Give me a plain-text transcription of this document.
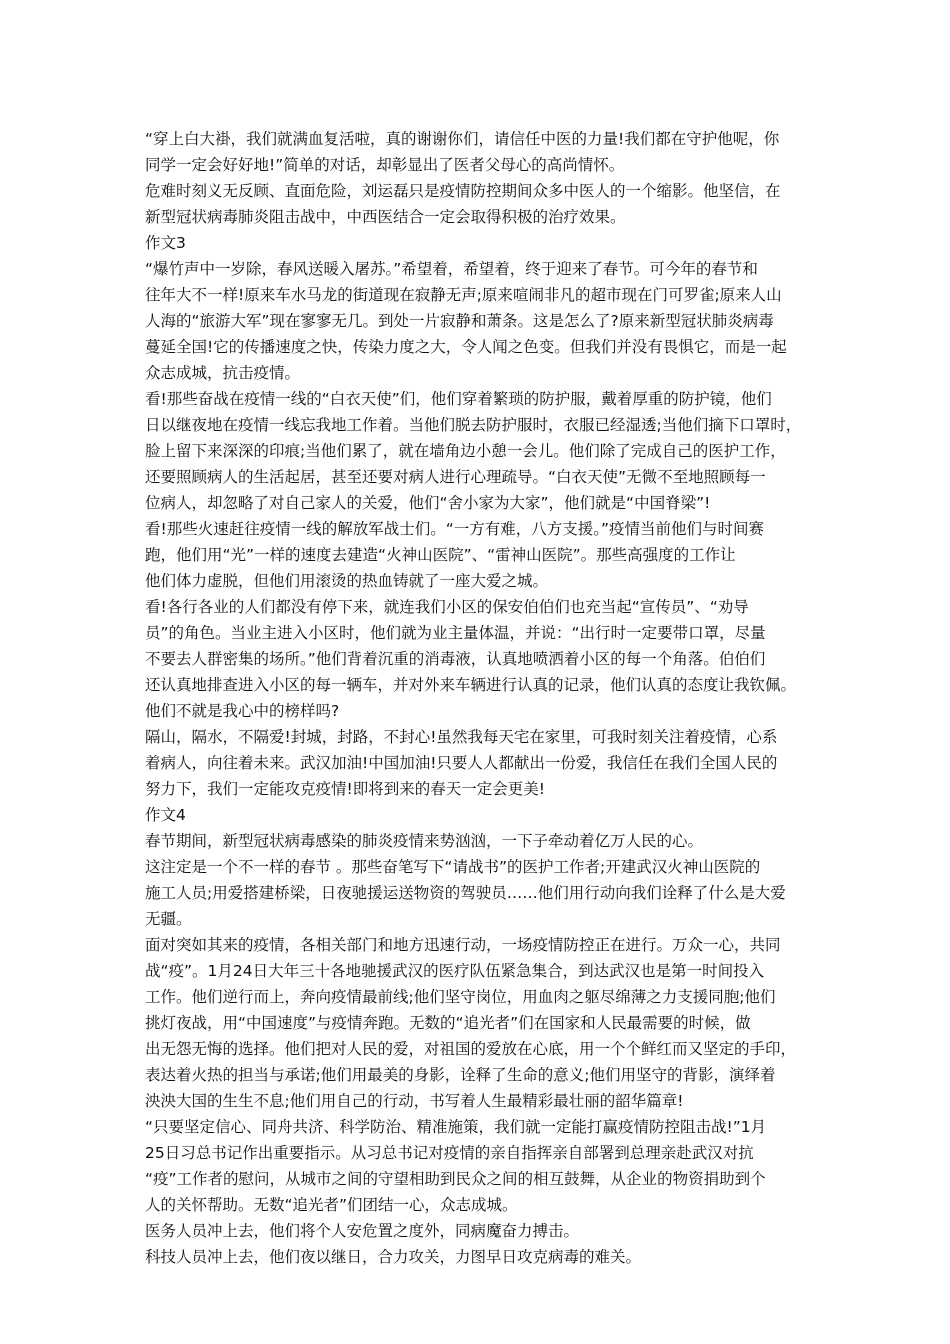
“穿上白大褂，我们就满血复活啦，真的谢谢你们，请信任中医的力量!我们都在守护他呢，你
同学一定会好好地!”简单的对话，却彰显出了医者父母心的高尚情怀。
危难时刻义无反顾、直面危险，刘运磊只是疫情防控期间众多中医人的一个缩影。他坚信，在
新型冠状病毒肺炎阻击战中，中西医结合一定会取得积极的治疗效果。
作文3
“爆竹声中一岁除，春风送暖入屠苏。”希望着，希望着，终于迎来了春节。可今年的春节和
往年大不一样!原来车水马龙的街道现在寂静无声;原来喧闹非凡的超市现在门可罗雀;原来人山
人海的“旅游大军”现在寥寥无几。到处一片寂静和萧条。这是怎么了?原来新型冠状肺炎病毒
蔓延全国!它的传播速度之快，传染力度之大，令人闻之色变。但我们并没有畏惧它，而是一起
众志成城，抗击疫情。
看!那些奋战在疫情一线的“白衣天使”们，他们穿着繁琐的防护服，戴着厚重的防护镜，他们
日以继夜地在疫情一线忘我地工作着。当他们脱去防护服时，衣服已经湿透;当他们摘下口罩时，
脸上留下来深深的印痕;当他们累了，就在墙角边小憩一会儿。他们除了完成自己的医护工作，
还要照顾病人的生活起居，甚至还要对病人进行心理疏导。“白衣天使”无微不至地照顾每一
位病人，却忽略了对自己家人的关爱，他们“舍小家为大家”，他们就是“中国脊梁”!
看!那些火速赶往疫情一线的解放军战士们。“一方有难，八方支援。”疫情当前他们与时间赛
跑，他们用“光”一样的速度去建造“火神山医院”、“雷神山医院”。那些高强度的工作让
他们体力虚脱，但他们用滚烫的热血铸就了一座大爱之城。
看!各行各业的人们都没有停下来，就连我们小区的保安伯伯们也充当起“宣传员”、“劝导
员”的角色。当业主进入小区时，他们就为业主量体温，并说：“出行时一定要带口罩，尽量
不要去人群密集的场所。”他们背着沉重的消毒液，认真地喷洒着小区的每一个角落。伯伯们
还认真地排查进入小区的每一辆车，并对外来车辆进行认真的记录，他们认真的态度让我钦佩。
他们不就是我心中的榜样吗?
隔山，隔水，不隔爱!封城，封路，不封心!虽然我每天宅在家里，可我时刻关注着疫情，心系
着病人，向往着未来。武汉加油!中国加油!只要人人都献出一份爱，我信任在我们全国人民的
努力下，我们一定能攻克疫情!即将到来的春天一定会更美!
作文4
春节期间，新型冠状病毒感染的肺炎疫情来势汹汹，一下子牵动着亿万人民的心。
这注定是一个不一样的春节 。那些奋笔写下“请战书”的医护工作者;开建武汉火神山医院的
施工人员;用爱搭建桥梁，日夜驰援运送物资的驾驶员……他们用行动向我们诠释了什么是大爱
无疆。
面对突如其来的疫情，各相关部门和地方迅速行动，一场疫情防控正在进行。万众一心，共同
战“疫”。1月24日大年三十各地驰援武汉的医疗队伍紧急集合，到达武汉也是第一时间投入
工作。他们逆行而上，奔向疫情最前线;他们坚守岗位，用血肉之躯尽绵薄之力支援同胞;他们
挑灯夜战，用“中国速度”与疫情奔跑。无数的“追光者”们在国家和人民最需要的时候，做
出无怨无悔的选择。他们把对人民的爱，对祖国的爱放在心底，用一个个鲜红而又坚定的手印，
表达着火热的担当与承诺;他们用最美的身影，诠释了生命的意义;他们用坚守的背影，演绎着
泱泱大国的生生不息;他们用自己的行动，书写着人生最精彩最壮丽的韶华篇章!
“只要坚定信心、同舟共济、科学防治、精准施策，我们就一定能打赢疫情防控阻击战!”1月
25日习总书记作出重要指示。从习总书记对疫情的亲自指挥亲自部署到总理亲赴武汉对抗
“疫”工作者的慰问，从城市之间的守望相助到民众之间的相互鼓舞，从企业的物资捐助到个
人的关怀帮助。无数“追光者”们团结一心，众志成城。
医务人员冲上去，他们将个人安危置之度外，同病魔奋力搏击。
科技人员冲上去，他们夜以继日，合力攻关，力图早日攻克病毒的难关。
